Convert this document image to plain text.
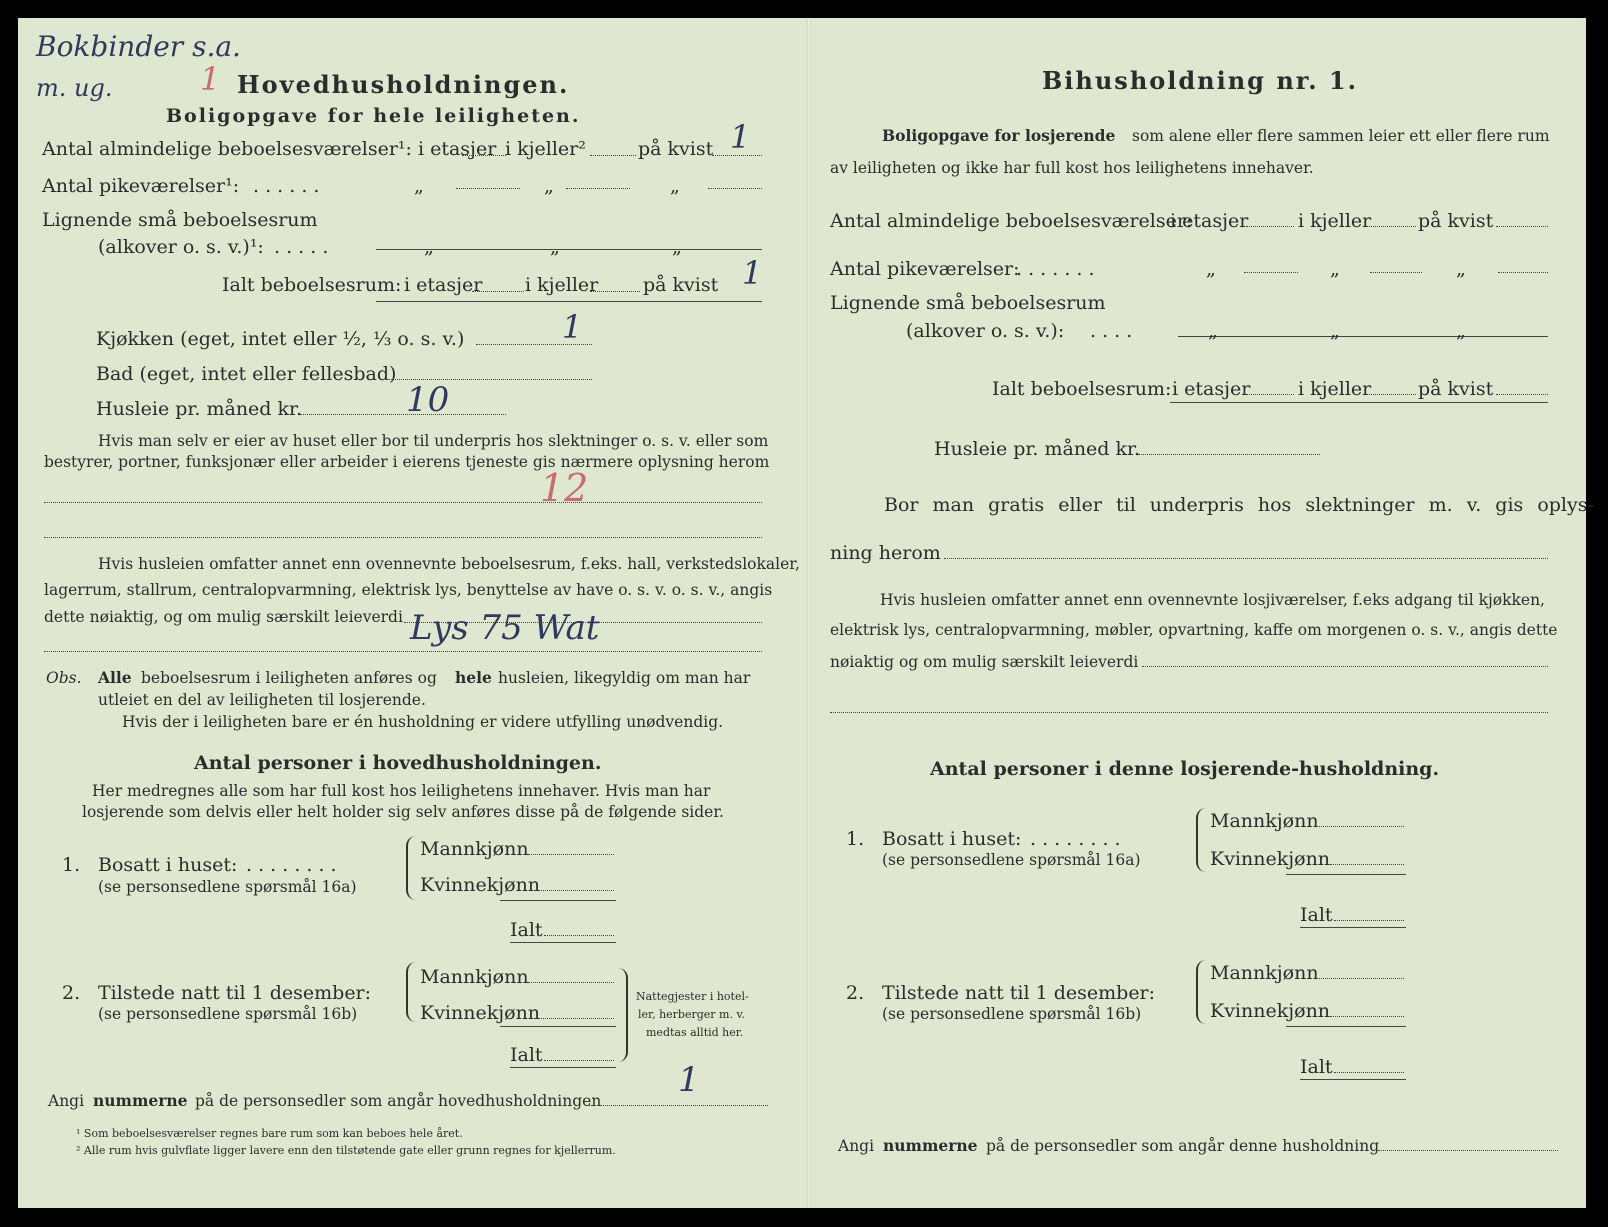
Bokbinder s.a.
m. ug.	1 Hovedhusholdningen.
Boligopgave for hele leiligheten.
Antal almindelige beboelsesværelser¹: i etasjer i kjeller²	på kvist 1
Antal pikeværelser¹: . . . . . .	„	„	„
Lignende små beboelsesrum
(alkover o. s. v.)¹: . . . . .	„	„	„
Ialt beboelsesrum: i etasjer i kjeller på kvist 1
Kjøkken (eget, intet eller ½, ⅓ o. s. v.)	1
Bad (eget, intet eller fellesbad)
Husleie pr. måned kr.	10
Hvis man selv er eier av huset eller bor til underpris hos slektninger o. s. v. eller som
bestyrer, portner, funksjonær eller arbeider i eierens tjeneste gis nærmere oplysning herom
12
Hvis husleien omfatter annet enn ovennevnte beboelsesrum, f.eks. hall, verkstedslokaler,
lagerrum, stallrum, centralopvarmning, elektrisk lys, benyttelse av have o. s. v. o. s. v., angis
dette nøiaktig, og om mulig særskilt leieverdi Lys 75 Wat
Obs. Alle beboelsesrum i leiligheten anføres og hele husleien, likegyldig om man har
utleiet en del av leiligheten til losjerende.
Hvis der i leiligheten bare er én husholdning er videre utfylling unødvendig.
Antal personer i hovedhusholdningen.
Her medregnes alle som har full kost hos leilighetens innehaver. Hvis man har
losjerende som delvis eller helt holder sig selv anføres disse på de følgende sider.
1. Bosatt i huset: . . . . . . . .
(se personsedlene spørsmål 16a)
Mannkjønn
Kvinnekjønn
Ialt
2. Tilstede natt til 1 desember:
(se personsedlene spørsmål 16b)
Mannkjønn
Kvinnekjønn
Ialt
Nattegjester i hotel-
ler, herberger m. v.
medtas alltid her.
Angi nummerne på de personsedler som angår hovedhusholdningen
1
¹ Som beboelsesværelser regnes bare rum som kan beboes hele året.
² Alle rum hvis gulvflate ligger lavere enn den tilstøtende gate eller grunn regnes for kjellerrum.
Bihusholdning nr. 1.
Boligopgave for losjerende som alene eller flere sammen leier ett eller flere rum
av leiligheten og ikke har full kost hos leilighetens innehaver.
Antal almindelige beboelsesværelser:
i etasjer	i kjeller på kvist
Antal pikeværelser:
. . . . . . .	„	„	„
Lignende små beboelsesrum
(alkover o. s. v.): . . . .	„	„	„
Ialt beboelsesrum: i etasjer	i kjeller på kvist
Husleie pr. måned kr.
Bor man gratis eller til underpris hos slektninger m. v. gis oplys-
ning herom
Hvis husleien omfatter annet enn ovennevnte losjiværelser, f.eks adgang til kjøkken,
elektrisk lys, centralopvarmning, møbler, opvartning, kaffe om morgenen o. s. v., angis dette
nøiaktig og om mulig særskilt leieverdi
Antal personer i denne losjerende-husholdning.
1. Bosatt i huset: . . . . . . . .
(se personsedlene spørsmål 16a)
Mannkjønn
Kvinnekjønn
Ialt
2. Tilstede natt til 1 desember:
(se personsedlene spørsmål 16b)
Mannkjønn
Kvinnekjønn
Ialt
Angi nummerne på de personsedler som angår denne husholdning
